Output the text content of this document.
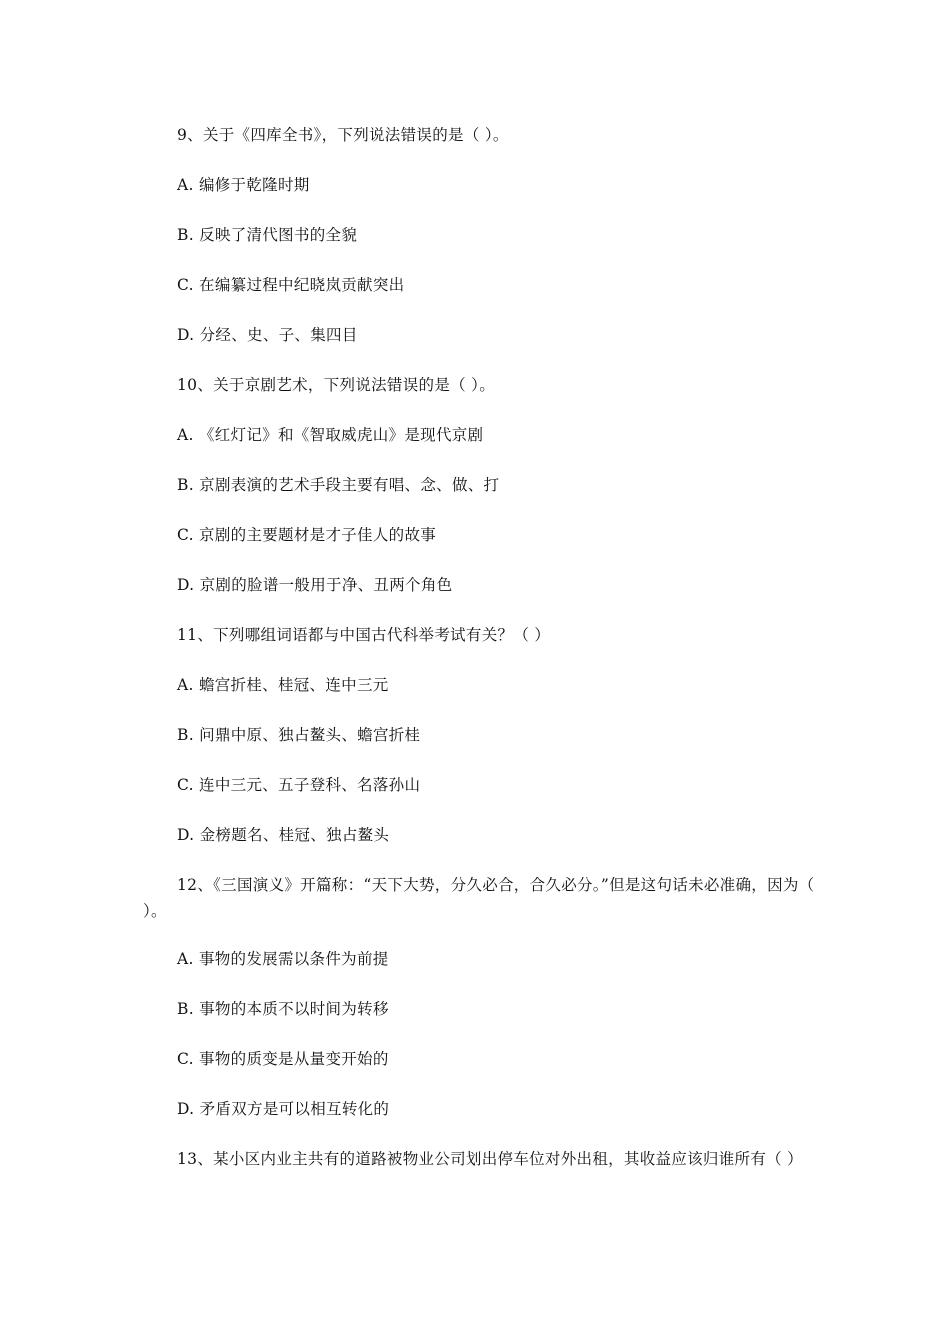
9、关于《四库全书》，下列说法错误的是（ ）。

A. 编修于乾隆时期

B. 反映了清代图书的全貌

C. 在编纂过程中纪晓岚贡献突出

D. 分经、史、子、集四目

10、关于京剧艺术，下列说法错误的是（ ）。

A. 《红灯记》和《智取威虎山》是现代京剧

B. 京剧表演的艺术手段主要有唱、念、做、打

C. 京剧的主要题材是才子佳人的故事

D. 京剧的脸谱一般用于净、丑两个角色

11、下列哪组词语都与中国古代科举考试有关？（ ）

A. 蟾宫折桂、桂冠、连中三元

B. 问鼎中原、独占鳌头、蟾宫折桂

C. 连中三元、五子登科、名落孙山

D. 金榜题名、桂冠、独占鳌头

12、《三国演义》开篇称：“天下大势，分久必合，合久必分。”但是这句话未必准确，因为（ ）。

A. 事物的发展需以条件为前提

B. 事物的本质不以时间为转移

C. 事物的质变是从量变开始的

D. 矛盾双方是可以相互转化的

13、某小区内业主共有的道路被物业公司划出停车位对外出租，其收益应该归谁所有（ ）
